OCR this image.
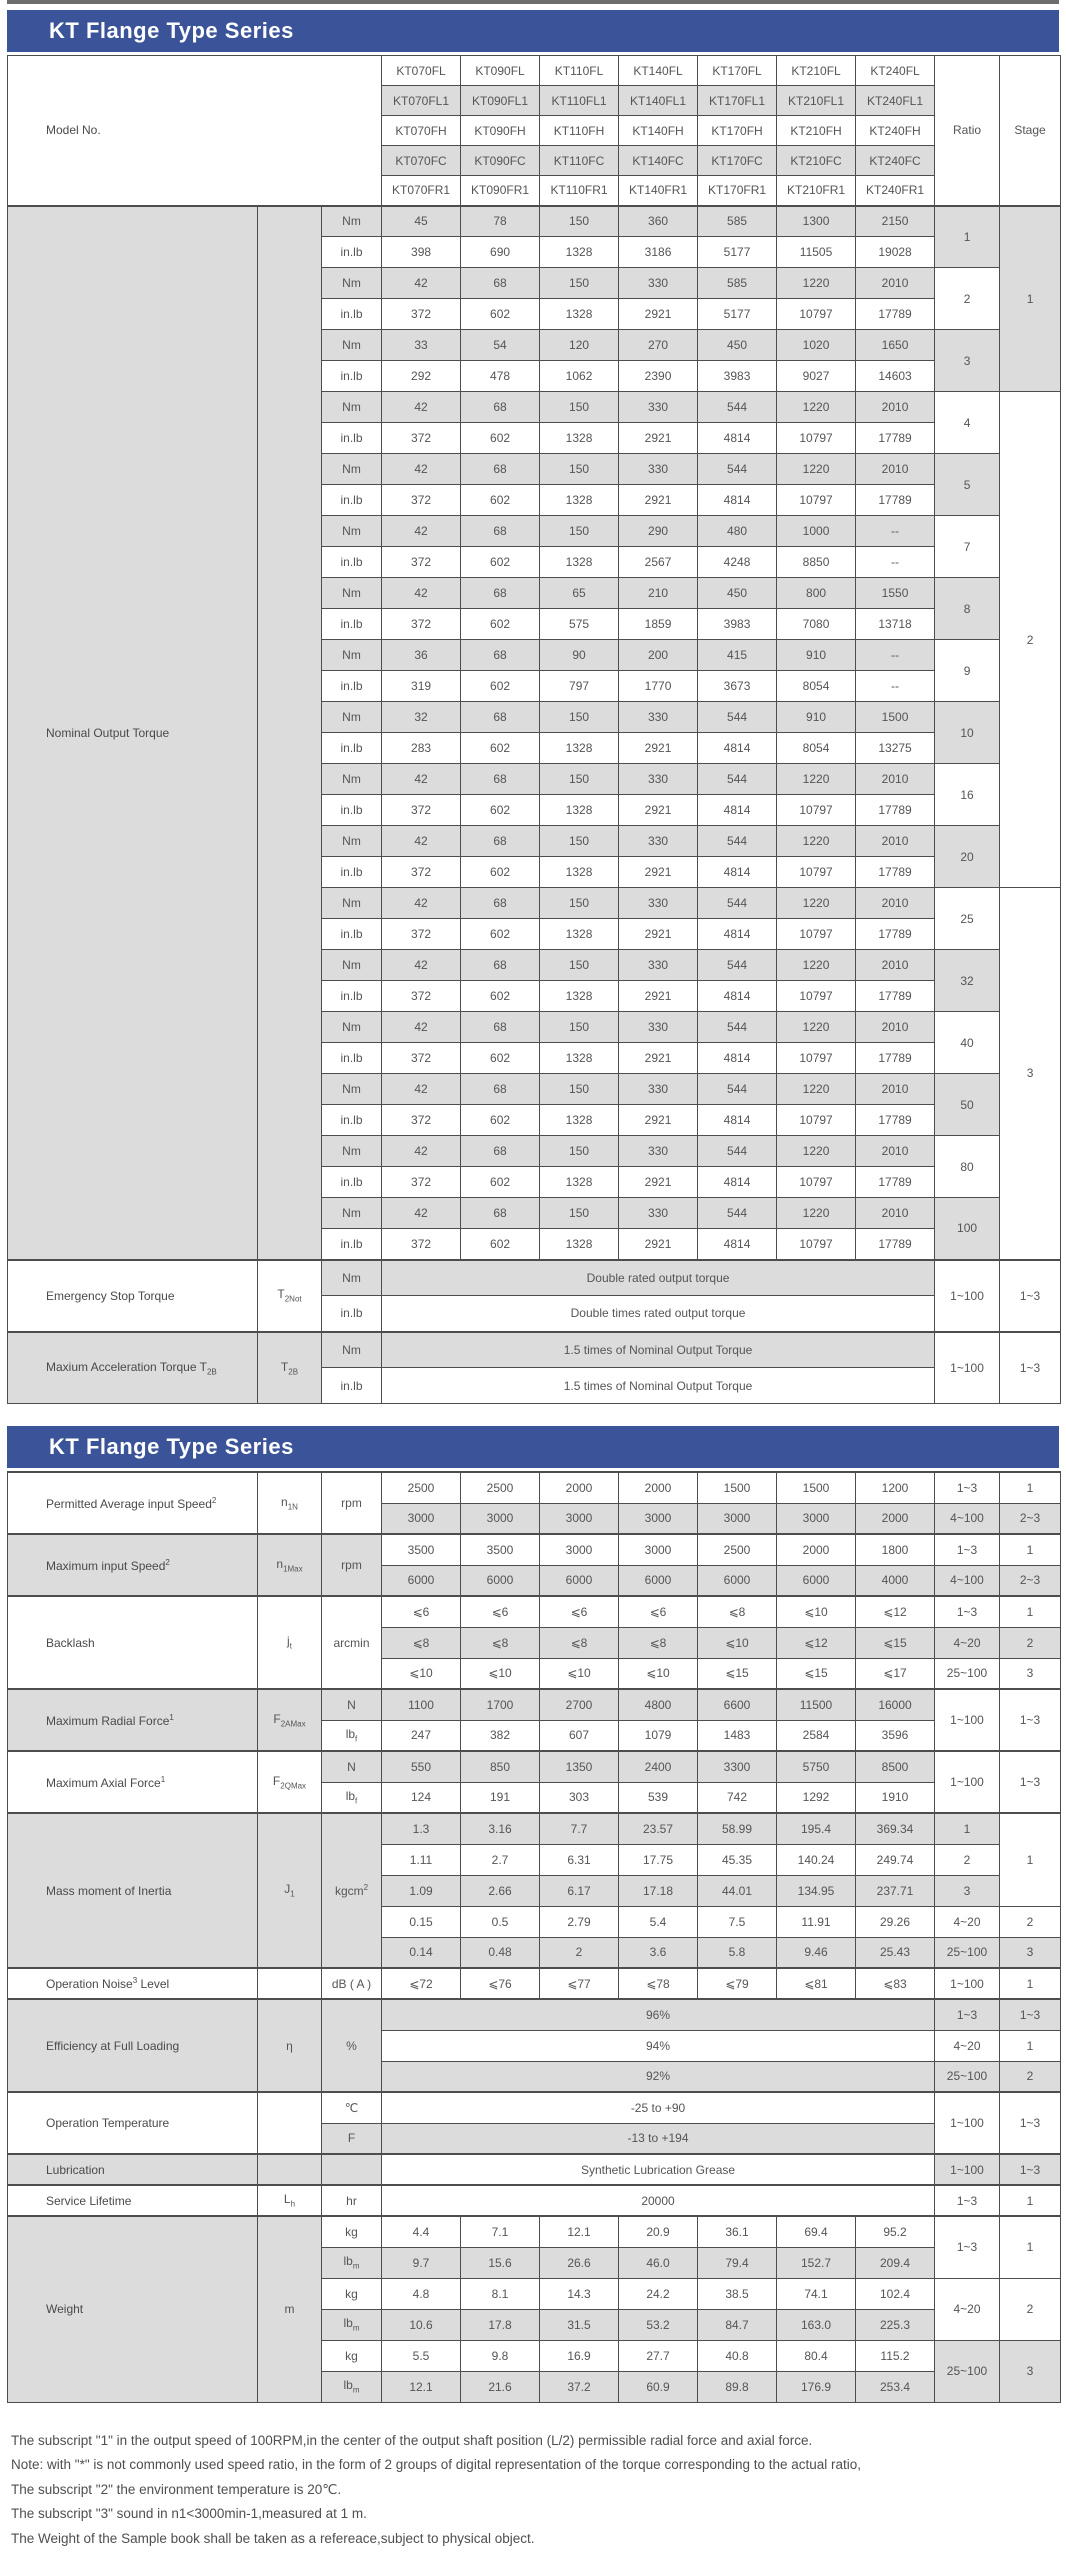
KT Flange Type Series
Model No.			KT070FL	KT090FL	KT110FL	KT140FL	KT170FL	KT210FL	KT240FL	Ratio	Stage
			KT070FL1	KT090FL1	KT110FL1	KT140FL1	KT170FL1	KT210FL1	KT240FL1		
			KT070FH	KT090FH	KT110FH	KT140FH	KT170FH	KT210FH	KT240FH		
			KT070FC	KT090FC	KT110FC	KT140FC	KT170FC	KT210FC	KT240FC		
			KT070FR1	KT090FR1	KT110FR1	KT140FR1	KT170FR1	KT210FR1	KT240FR1		
Nominal Output Torque		Nm	45	78	150	360	585	1300	2150	1	1
		in.lb	398	690	1328	3186	5177	11505	19028		
		Nm	42	68	150	330	585	1220	2010	2	
		in.lb	372	602	1328	2921	5177	10797	17789		
		Nm	33	54	120	270	450	1020	1650	3	
		in.lb	292	478	1062	2390	3983	9027	14603		
		Nm	42	68	150	330	544	1220	2010	4	2
		in.lb	372	602	1328	2921	4814	10797	17789		
		Nm	42	68	150	330	544	1220	2010	5	
		in.lb	372	602	1328	2921	4814	10797	17789		
		Nm	42	68	150	290	480	1000	--	7	
		in.lb	372	602	1328	2567	4248	8850	--		
		Nm	42	68	65	210	450	800	1550	8	
		in.lb	372	602	575	1859	3983	7080	13718		
		Nm	36	68	90	200	415	910	--	9	
		in.lb	319	602	797	1770	3673	8054	--		
		Nm	32	68	150	330	544	910	1500	10	
		in.lb	283	602	1328	2921	4814	8054	13275		
		Nm	42	68	150	330	544	1220	2010	16	
		in.lb	372	602	1328	2921	4814	10797	17789		
		Nm	42	68	150	330	544	1220	2010	20	
		in.lb	372	602	1328	2921	4814	10797	17789		
		Nm	42	68	150	330	544	1220	2010	25	3
		in.lb	372	602	1328	2921	4814	10797	17789		
		Nm	42	68	150	330	544	1220	2010	32	
		in.lb	372	602	1328	2921	4814	10797	17789		
		Nm	42	68	150	330	544	1220	2010	40	
		in.lb	372	602	1328	2921	4814	10797	17789		
		Nm	42	68	150	330	544	1220	2010	50	
		in.lb	372	602	1328	2921	4814	10797	17789		
		Nm	42	68	150	330	544	1220	2010	80	
		in.lb	372	602	1328	2921	4814	10797	17789		
		Nm	42	68	150	330	544	1220	2010	100	
		in.lb	372	602	1328	2921	4814	10797	17789		
Emergency Stop Torque	$T_{2Not}$	Nm	Double rated output torque							1~100	1~3
		in.lb	Double times rated output torque								
Maxium Acceleration Torque $T_{2B}$	$T_{2B}$	Nm	1.5 times of Nominal Output Torque							1~100	1~3
		in.lb	1.5 times of Nominal Output Torque								
KT Flange Type Series
Permitted Average input Speed$^2$	$n_{1N}$	rpm	2500	2500	2000	2000	1500	1500	1200	1~3	1
			3000	3000	3000	3000	3000	3000	2000	4~100	2~3
Maximum input Speed$^2$	$n_{1Max}$	rpm	3500	3500	3000	3000	2500	2000	1800	1~3	1
			6000	6000	6000	6000	6000	6000	4000	4~100	2~3
Backlash	$j_t$	arcmin	⩽6	⩽6	⩽6	⩽6	⩽8	⩽10	⩽12	1~3	1
			⩽8	⩽8	⩽8	⩽8	⩽10	⩽12	⩽15	4~20	2
			⩽10	⩽10	⩽10	⩽10	⩽15	⩽15	⩽17	25~100	3
Maximum Radial Force$^1$	$F_{2AMax}$	N	1100	1700	2700	4800	6600	11500	16000	1~100	1~3
		$lb_f$	247	382	607	1079	1483	2584	3596		
Maximum Axial Force$^1$	$F_{2QMax}$	N	550	850	1350	2400	3300	5750	8500	1~100	1~3
		$lb_f$	124	191	303	539	742	1292	1910		
Mass moment of Inertia	$J_1$	kgcm$^2$	1.3	3.16	7.7	23.57	58.99	195.4	369.34	1	1
			1.11	2.7	6.31	17.75	45.35	140.24	249.74	2	
			1.09	2.66	6.17	17.18	44.01	134.95	237.71	3	
			0.15	0.5	2.79	5.4	7.5	11.91	29.26	4~20	2
			0.14	0.48	2	3.6	5.8	9.46	25.43	25~100	3
Operation Noise$^3$ Level		dB ( A )	⩽72	⩽76	⩽77	⩽78	⩽79	⩽81	⩽83	1~100	1
Efficiency at Full Loading	η	%	96%							1~3	1~3
			94%							4~20	1
			92%							25~100	2
Operation Temperature		℃	-25 to +90							1~100	1~3
		F	-13 to +194								
Lubrication			Synthetic Lubrication Grease							1~100	1~3
Service Lifetime	$L_h$	hr	20000							1~3	1
Weight	m	kg	4.4	7.1	12.1	20.9	36.1	69.4	95.2	1~3	1
		$lb_m$	9.7	15.6	26.6	46.0	79.4	152.7	209.4		
		kg	4.8	8.1	14.3	24.2	38.5	74.1	102.4	4~20	2
		$lb_m$	10.6	17.8	31.5	53.2	84.7	163.0	225.3		
		kg	5.5	9.8	16.9	27.7	40.8	80.4	115.2	25~100	3
		$lb_m$	12.1	21.6	37.2	60.9	89.8	176.9	253.4		
The subscript "1" in the output speed of 100RPM,in the center of the output shaft position (L/2) permissible radial force and axial force.
Note: with "*" is not commonly used speed ratio, in the form of 2 groups of digital representation of the torque corresponding to the actual ratio,
The subscript "2" the environment temperature is 20℃.
The subscript "3" sound in n1<3000min-1,measured at 1 m.
The Weight of the Sample book shall be taken as a refereace,subject to physical object.
